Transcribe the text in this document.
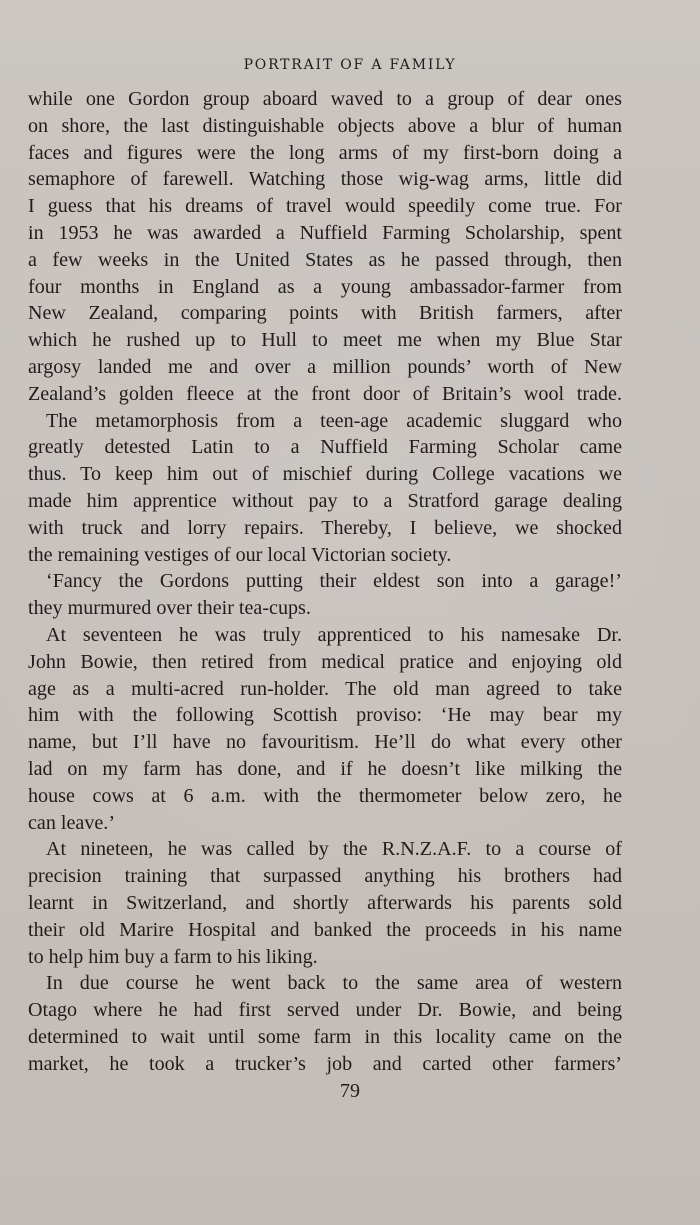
PORTRAIT OF A FAMILY
while one Gordon group aboard waved to a group of dear ones
on shore, the last distinguishable objects above a blur of human
faces and figures were the long arms of my first-born doing a
semaphore of farewell. Watching those wig-wag arms, little did
I guess that his dreams of travel would speedily come true. For
in 1953 he was awarded a Nuffield Farming Scholarship, spent
a few weeks in the United States as he passed through, then
four months in England as a young ambassador-farmer from
New Zealand, comparing points with British farmers, after
which he rushed up to Hull to meet me when my Blue Star
argosy landed me and over a million pounds’ worth of New
Zealand’s golden fleece at the front door of Britain’s wool trade.
The metamorphosis from a teen-age academic sluggard who
greatly detested Latin to a Nuffield Farming Scholar came
thus. To keep him out of mischief during College vacations we
made him apprentice without pay to a Stratford garage dealing
with truck and lorry repairs. Thereby, I believe, we shocked
the remaining vestiges of our local Victorian society.
‘Fancy the Gordons putting their eldest son into a garage!’
they murmured over their tea-cups.
At seventeen he was truly apprenticed to his namesake Dr.
John Bowie, then retired from medical pratice and enjoying old
age as a multi-acred run-holder. The old man agreed to take
him with the following Scottish proviso: ‘He may bear my
name, but I’ll have no favouritism. He’ll do what every other
lad on my farm has done, and if he doesn’t like milking the
house cows at 6 a.m. with the thermometer below zero, he
can leave.’
At nineteen, he was called by the R.N.Z.A.F. to a course of
precision training that surpassed anything his brothers had
learnt in Switzerland, and shortly afterwards his parents sold
their old Marire Hospital and banked the proceeds in his name
to help him buy a farm to his liking.
In due course he went back to the same area of western
Otago where he had first served under Dr. Bowie, and being
determined to wait until some farm in this locality came on the
market, he took a trucker’s job and carted other farmers’
79
